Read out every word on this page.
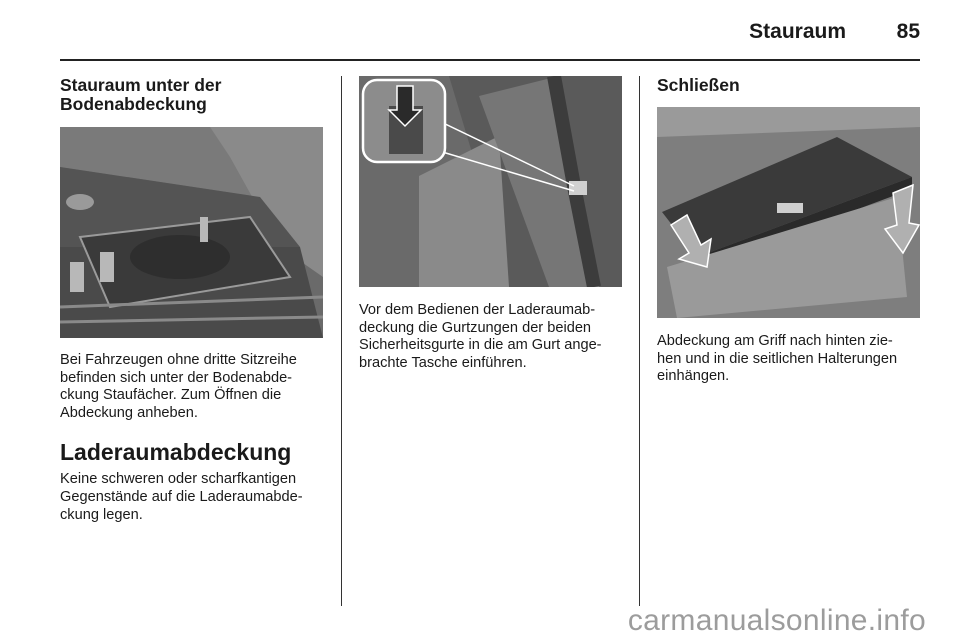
Stauraum 85
Stauraum unter der
Bodenabdeckung

Bei Fahrzeugen ohne dritte Sitzreihe
befinden sich unter der Bodenabde-
ckung Staufächer. Zum Öffnen die
Abdeckung anheben.

Laderaumabdeckung

Keine schweren oder scharfkantigen
Gegenstände auf die Laderaumabde-
ckung legen.

Vor dem Bedienen der Laderaumab-
deckung die Gurtzungen der beiden
Sicherheitsgurte in die am Gurt ange-
brachte Tasche einführen.

Schließen

Abdeckung am Griff nach hinten zie-
hen und in die seitlichen Halterungen
einhängen.

carmanualsonline.info
